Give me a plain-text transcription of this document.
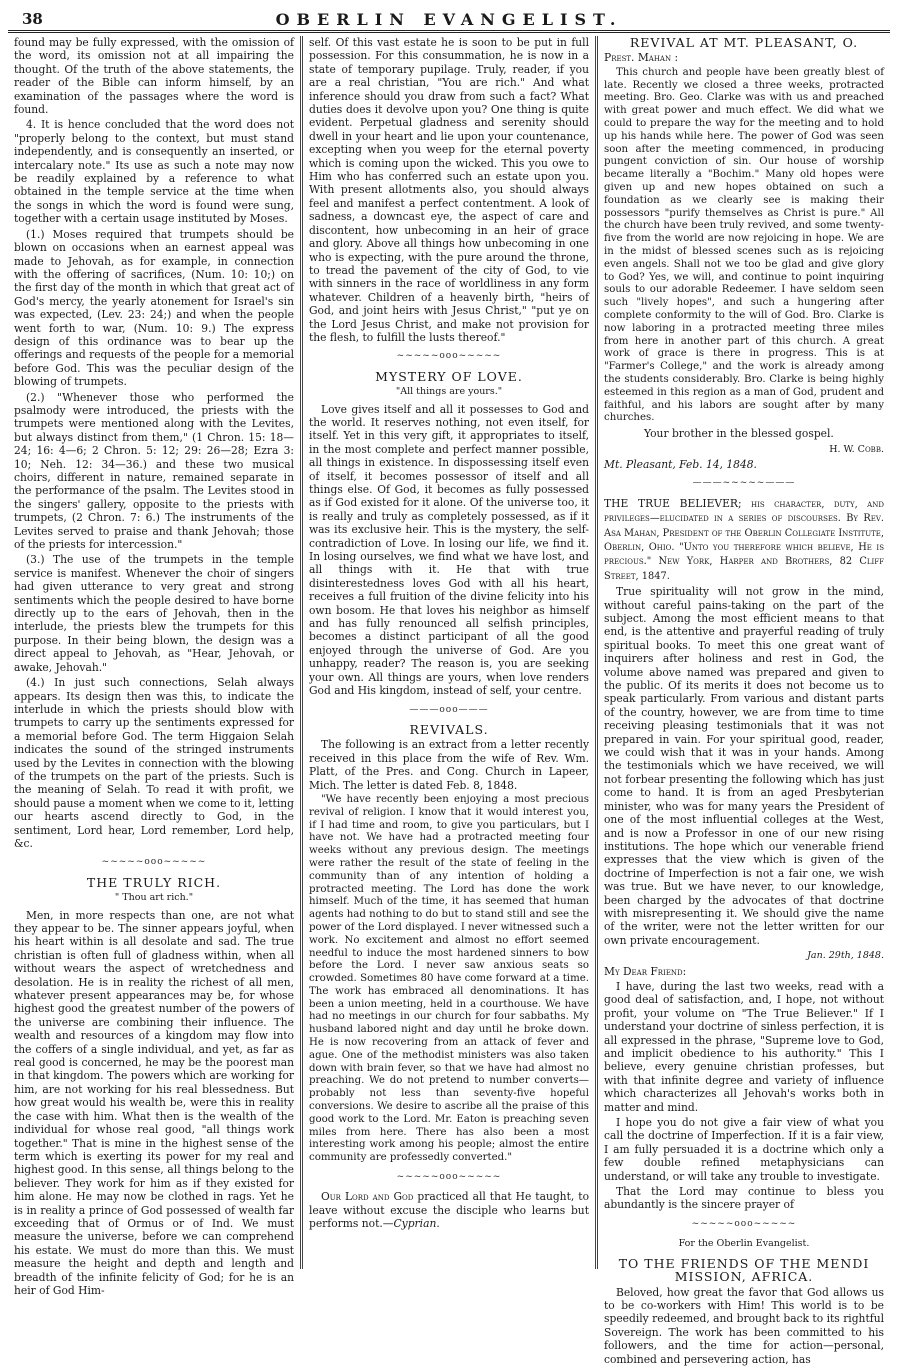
38	OBERLIN EVANGELIST.

found may be fully expressed, with the omission of the word, its omission not at all impairing the thought. Of the truth of the above statements, the reader of the Bible can inform himself, by an examination of the passages where the word is found.

4. It is hence concluded that the word does not "properly belong to the context, but must stand independently, and is consequently an inserted, or intercalary note." Its use as such a note may now be readily explained by a reference to what obtained in the temple service at the time when the songs in which the word is found were sung, together with a certain usage instituted by Moses.

(1.) Moses required that trumpets should be blown on occasions when an earnest appeal was made to Jehovah, as for example, in connection with the offering of sacrifices, (Num. 10: 10;) on the first day of the month in which that great act of God's mercy, the yearly atonement for Israel's sin was expected, (Lev. 23: 24;) and when the people went forth to war, (Num. 10: 9.) The express design of this ordinance was to bear up the offerings and requests of the people for a memorial before God. This was the peculiar design of the blowing of trumpets.

(2.) "Whenever those who performed the psalmody were introduced, the priests with the trumpets were mentioned along with the Levites, but always distinct from them," (1 Chron. 15: 18—24; 16: 4—6; 2 Chron. 5: 12; 29: 26—28; Ezra 3: 10; Neh. 12: 34—36.) and these two musical choirs, different in nature, remained separate in the performance of the psalm. The Levites stood in the singers' gallery, opposite to the priests with trumpets, (2 Chron. 7: 6.) The instruments of the Levites served to praise and thank Jehovah; those of the priests for intercession."

(3.) The use of the trumpets in the temple service is manifest. Whenever the choir of singers had given utterance to very great and strong sentiments which the people desired to have borne directly up to the ears of Jehovah, then in the interlude, the priests blew the trumpets for this purpose. In their being blown, the design was a direct appeal to Jehovah, as "Hear, Jehovah, or awake, Jehovah."

(4.) In just such connections, Selah always appears. Its design then was this, to indicate the interlude in which the priests should blow with trumpets to carry up the sentiments expressed for a memorial before God. The term Higgaion Selah indicates the sound of the stringed instruments used by the Levites in connection with the blowing of the trumpets on the part of the priests. Such is the meaning of Selah. To read it with profit, we should pause a moment when we come to it, letting our hearts ascend directly to God, in the sentiment, Lord hear, Lord remember, Lord help, &c.

~~~~~ooo~~~~~
THE TRULY RICH.
" Thou art rich."

Men, in more respects than one, are not what they appear to be. The sinner appears joyful, when his heart within is all desolate and sad. The true christian is often full of gladness within, when all without wears the aspect of wretchedness and desolation. He is in reality the richest of all men, whatever present appearances may be, for whose highest good the greatest number of the powers of the universe are combining their influence. The wealth and resources of a kingdom may flow into the coffers of a single individual, and yet, as far as real good is concerned, he may be the poorest man in that kingdom. The powers which are working for him, are not working for his real blessedness. But how great would his wealth be, were this in reality the case with him. What then is the wealth of the individual for whose real good, "all things work together." That is mine in the highest sense of the term which is exerting its power for my real and highest good. In this sense, all things belong to the believer. They work for him as if they existed for him alone. He may now be clothed in rags. Yet he is in reality a prince of God possessed of wealth far exceeding that of Ormus or of Ind. We must measure the universe, before we can comprehend his estate. We must do more than this. We must measure the height and depth and length and breadth of the infinite felicity of God; for he is an heir of God Him-

self. Of this vast estate he is soon to be put in full possession. For this consummation, he is now in a state of temporary pupilage. Truly, reader, if you are a real christian, "You are rich." And what inference should you draw from such a fact? What duties does it devolve upon you? One thing is quite evident. Perpetual gladness and serenity should dwell in your heart and lie upon your countenance, excepting when you weep for the eternal poverty which is coming upon the wicked. This you owe to Him who has conferred such an estate upon you. With present allotments also, you should always feel and manifest a perfect contentment. A look of sadness, a downcast eye, the aspect of care and discontent, how unbecoming in an heir of grace and glory. Above all things how unbecoming in one who is expecting, with the pure around the throne, to tread the pavement of the city of God, to vie with sinners in the race of worldliness in any form whatever. Children of a heavenly birth, "heirs of God, and joint heirs with Jesus Christ," "put ye on the Lord Jesus Christ, and make not provision for the flesh, to fulfill the lusts thereof."

~~~~~ooo~~~~~
MYSTERY OF LOVE.
"All things are yours."

Love gives itself and all it possesses to God and the world. It reserves nothing, not even itself, for itself. Yet in this very gift, it appropriates to itself, in the most complete and perfect manner possible, all things in existence. In dispossessing itself even of itself, it becomes possessor of itself and all things else. Of God, it becomes as fully possessed as if God existed for it alone. Of the universe too, it is really and truly as completely possessed, as if it was its exclusive heir. This is the mystery, the self-contradiction of Love. In losing our life, we find it. In losing ourselves, we find what we have lost, and all things with it. He that with true disinterestedness loves God with all his heart, receives a full fruition of the divine felicity into his own bosom. He that loves his neighbor as himself and has fully renounced all selfish principles, becomes a distinct participant of all the good enjoyed through the universe of God. Are you unhappy, reader? The reason is, you are seeking your own. All things are yours, when love renders God and His kingdom, instead of self, your centre.

———ooo———
REVIVALS.

The following is an extract from a letter recently received in this place from the wife of Rev. Wm. Platt, of the Pres. and Cong. Church in Lapeer, Mich. The letter is dated Feb. 8, 1848.

"We have recently been enjoying a most precious revival of religion. I know that it would interest you, if I had time and room, to give you particulars, but I have not. We have had a protracted meeting four weeks without any previous design. The meetings were rather the result of the state of feeling in the community than of any intention of holding a protracted meeting. The Lord has done the work himself. Much of the time, it has seemed that human agents had nothing to do but to stand still and see the power of the Lord displayed. I never witnessed such a work. No excitement and almost no effort seemed needful to induce the most hardened sinners to bow before the Lord. I never saw anxious seats so crowded. Sometimes 80 have come forward at a time. The work has embraced all denominations. It has been a union meeting, held in a courthouse. We have had no meetings in our church for four sabbaths. My husband labored night and day until he broke down. He is now recovering from an attack of fever and ague. One of the methodist ministers was also taken down with brain fever, so that we have had almost no preaching. We do not pretend to number converts—probably not less than seventy-five hopeful conversions. We desire to ascribe all the praise of this good work to the Lord. Mr. Eaton is preaching seven miles from here. There has also been a most interesting work among his people; almost the entire community are professedly converted."

~~~~~ooo~~~~~

Our Lord and God practiced all that He taught, to leave without excuse the disciple who learns but performs not.—Cyprian.

REVIVAL AT MT. PLEASANT, O.

Prest. Mahan :

This church and people have been greatly blest of late. Recently we closed a three weeks, protracted meeting. Bro. Geo. Clarke was with us and preached with great power and much effect. We did what we could to prepare the way for the meeting and to hold up his hands while here. The power of God was seen soon after the meeting commenced, in producing pungent conviction of sin. Our house of worship became literally a "Bochim." Many old hopes were given up and new hopes obtained on such a foundation as we clearly see is making their possessors "purify themselves as Christ is pure." All the church have been truly revived, and some twenty-five from the world are now rejoicing in hope. We are in the midst of blessed scenes such as is rejoicing even angels. Shall not we too be glad and give glory to God? Yes, we will, and continue to point inquiring souls to our adorable Redeemer. I have seldom seen such "lively hopes", and such a hungering after complete conformity to the will of God. Bro. Clarke is now laboring in a protracted meeting three miles from here in another part of this church. A great work of grace is there in progress. This is at "Farmer's College," and the work is already among the students considerably. Bro. Clarke is being highly esteemed in this region as a man of God, prudent and faithful, and his labors are sought after by many churches.

Your brother in the blessed gospel.

H. W. Cobb.

Mt. Pleasant, Feb. 14, 1848.

———~~~~~———

THE TRUE BELIEVER; his character, duty, and privileges—elucidated in a series of discourses. By Rev. Asa Mahan, President of the Oberlin Collegiate Institute, Oberlin, Ohio. "Unto you therefore which believe, He is precious." New York, Harper and Brothers, 82 Cliff Street, 1847.

True spirituality will not grow in the mind, without careful pains-taking on the part of the subject. Among the most efficient means to that end, is the attentive and prayerful reading of truly spiritual books. To meet this one great want of inquirers after holiness and rest in God, the volume above named was prepared and given to the public. Of its merits it does not become us to speak particularly. From various and distant parts of the country, however, we are from time to time receiving pleasing testimonials that it was not prepared in vain. For your spiritual good, reader, we could wish that it was in your hands. Among the testimonials which we have received, we will not forbear presenting the following which has just come to hand. It is from an aged Presbyterian minister, who was for many years the President of one of the most influential colleges at the West, and is now a Professor in one of our new rising institutions. The hope which our venerable friend expresses that the view which is given of the doctrine of Imperfection is not a fair one, we wish was true. But we have never, to our knowledge, been charged by the advocates of that doctrine with misrepresenting it. We should give the name of the writer, were not the letter written for our own private encouragement.

Jan. 29th, 1848.

My Dear Friend:

I have, during the last two weeks, read with a good deal of satisfaction, and, I hope, not without profit, your volume on "The True Believer." If I understand your doctrine of sinless perfection, it is all expressed in the phrase, "Supreme love to God, and implicit obedience to his authority." This I believe, every genuine christian professes, but with that infinite degree and variety of influence which characterizes all Jehovah's works both in matter and mind.

I hope you do not give a fair view of what you call the doctrine of Imperfection. If it is a fair view, I am fully persuaded it is a doctrine which only a few double refined metaphysicians can understand, or will take any trouble to investigate.

That the Lord may continue to bless you abundantly is the sincere prayer of

~~~~~ooo~~~~~
For the Oberlin Evangelist.
TO THE FRIENDS OF THE MENDI MISSION, AFRICA.

Beloved, how great the favor that God allows us to be co-workers with Him! This world is to be speedily redeemed, and brought back to its rightful Sovereign. The work has been committed to his followers, and the time for action—personal, combined and persevering action, has
